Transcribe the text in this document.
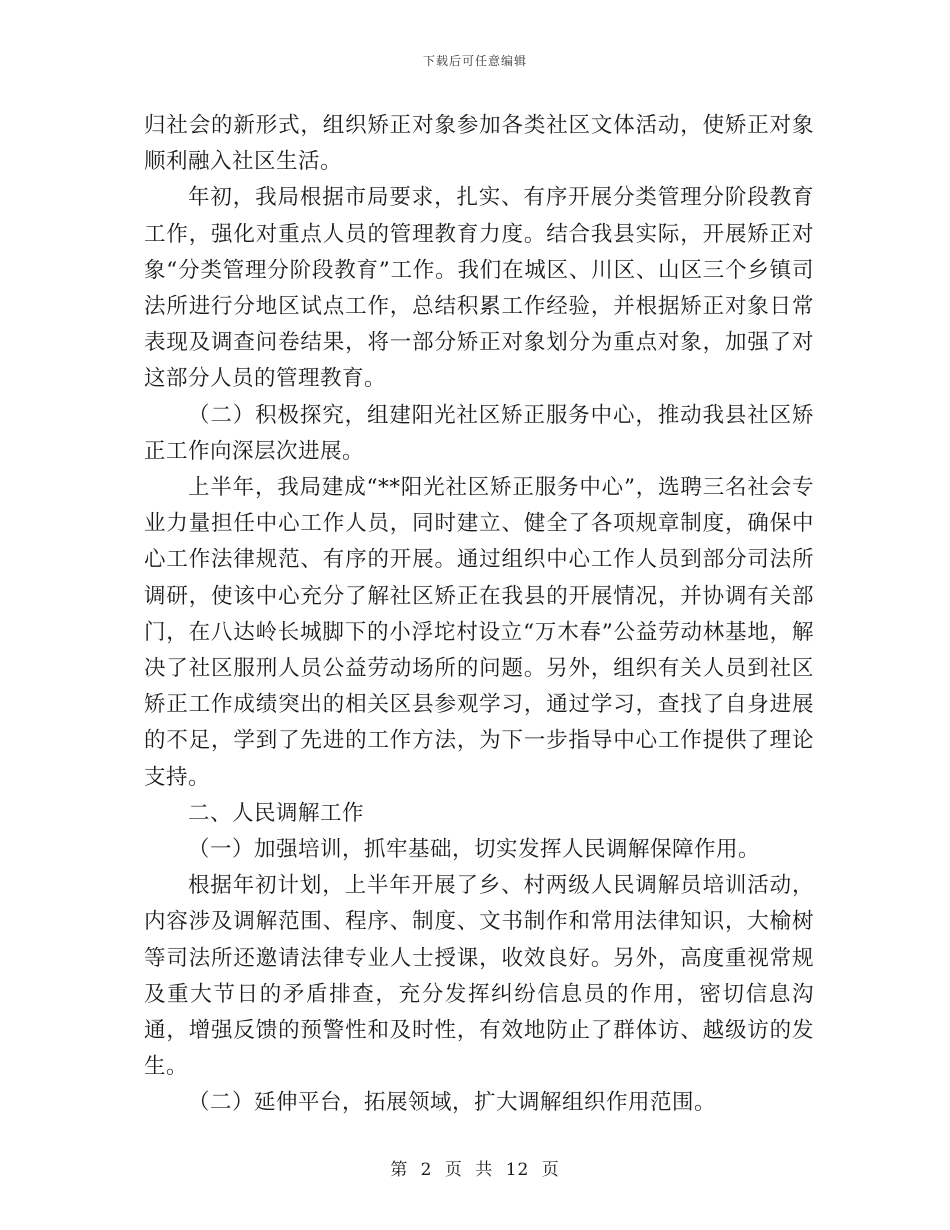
下载后可任意编辑

归社会的新形式，组织矫正对象参加各类社区文体活动，使矫正对象顺利融入社区生活。

年初，我局根据市局要求，扎实、有序开展分类管理分阶段教育工作，强化对重点人员的管理教育力度。结合我县实际，开展矫正对象“分类管理分阶段教育”工作。我们在城区、川区、山区三个乡镇司法所进行分地区试点工作，总结积累工作经验，并根据矫正对象日常表现及调查问卷结果，将一部分矫正对象划分为重点对象，加强了对这部分人员的管理教育。

（二）积极探究，组建阳光社区矫正服务中心，推动我县社区矫正工作向深层次进展。

上半年，我局建成“**阳光社区矫正服务中心”，选聘三名社会专业力量担任中心工作人员，同时建立、健全了各项规章制度，确保中心工作法律规范、有序的开展。通过组织中心工作人员到部分司法所调研，使该中心充分了解社区矫正在我县的开展情况，并协调有关部门，在八达岭长城脚下的小浮坨村设立“万木春”公益劳动林基地，解决了社区服刑人员公益劳动场所的问题。另外，组织有关人员到社区矫正工作成绩突出的相关区县参观学习，通过学习，查找了自身进展的不足，学到了先进的工作方法，为下一步指导中心工作提供了理论支持。

二、人民调解工作

（一）加强培训，抓牢基础，切实发挥人民调解保障作用。

根据年初计划，上半年开展了乡、村两级人民调解员培训活动，内容涉及调解范围、程序、制度、文书制作和常用法律知识，大榆树等司法所还邀请法律专业人士授课，收效良好。另外，高度重视常规及重大节日的矛盾排查，充分发挥纠纷信息员的作用，密切信息沟通，增强反馈的预警性和及时性，有效地防止了群体访、越级访的发生。

（二）延伸平台，拓展领域，扩大调解组织作用范围。

第 2 页 共 12 页
